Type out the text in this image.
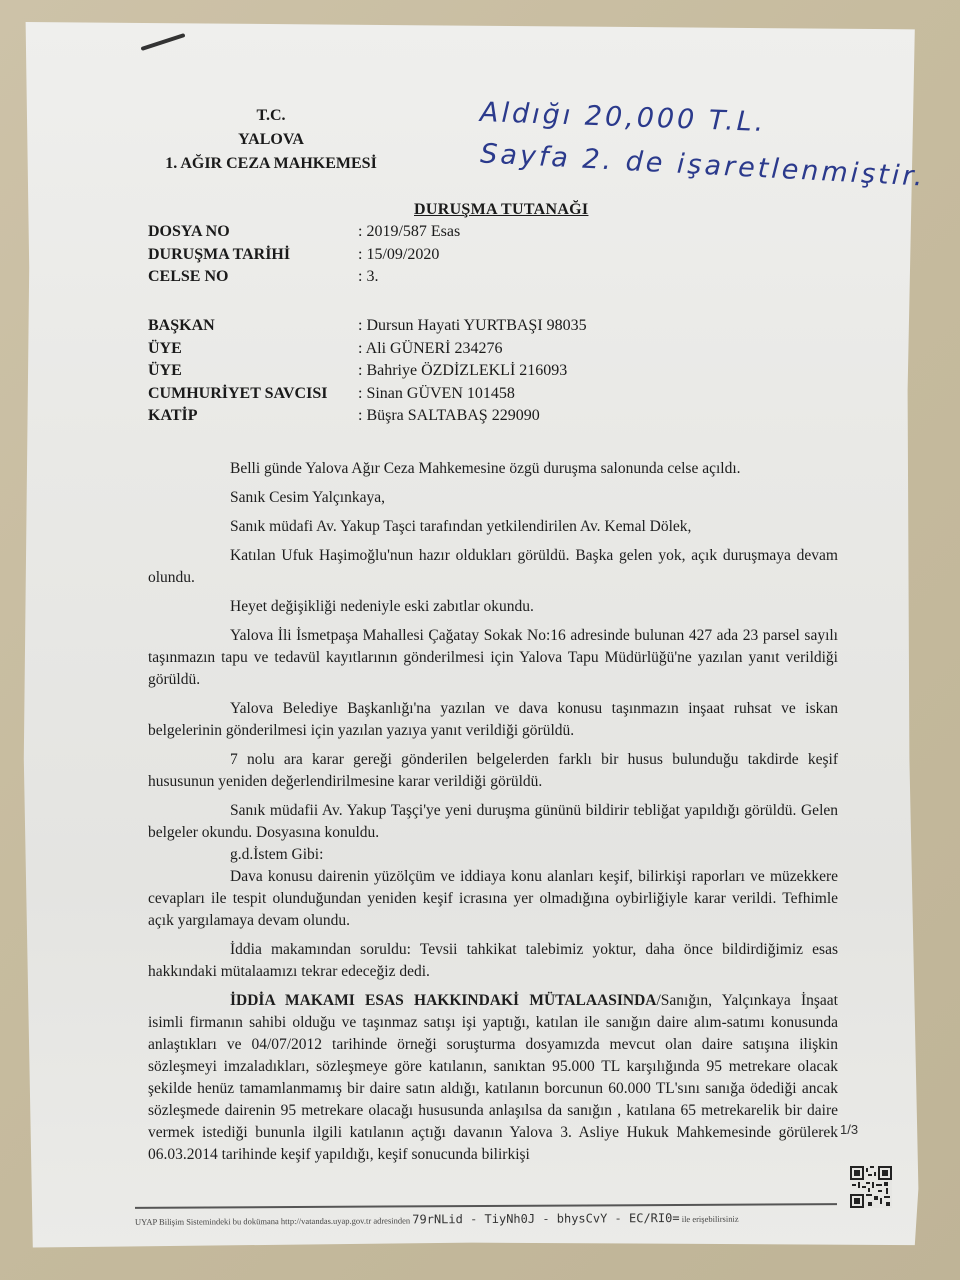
T.C.
YALOVA
1. AĞIR CEZA MAHKEMESİ
Aldığı 20,000 T.L.
Sayfa 2. de işaretlenmiştir.
DURUŞMA TUTANAĞI
DOSYA NO	: 2019/587 Esas
DURUŞMA TARİHİ	: 15/09/2020
CELSE NO	: 3.
BAŞKAN	: Dursun Hayati YURTBAŞI 98035
ÜYE	: Ali GÜNERİ 234276
ÜYE	: Bahriye ÖZDİZLEKLİ 216093
CUMHURİYET SAVCISI	: Sinan GÜVEN 101458
KATİP	: Büşra SALTABAŞ 229090

Belli günde Yalova Ağır Ceza Mahkemesine özgü duruşma salonunda celse açıldı.

Sanık Cesim Yalçınkaya,

Sanık müdafi Av. Yakup Taşci tarafından yetkilendirilen Av. Kemal Dölek,

Katılan Ufuk Haşimoğlu'nun hazır oldukları görüldü. Başka gelen yok, açık duruşmaya devam olundu.

Heyet değişikliği nedeniyle eski zabıtlar okundu.

Yalova İli İsmetpaşa Mahallesi Çağatay Sokak No:16 adresinde bulunan 427 ada 23 parsel sayılı taşınmazın tapu ve tedavül kayıtlarının gönderilmesi için Yalova Tapu Müdürlüğü'ne yazılan yanıt verildiği görüldü.

Yalova Belediye Başkanlığı'na yazılan ve dava konusu taşınmazın inşaat ruhsat ve iskan belgelerinin gönderilmesi için yazılan yazıya yanıt verildiği görüldü.

7 nolu ara karar gereği gönderilen belgelerden farklı bir husus bulunduğu takdirde keşif hususunun yeniden değerlendirilmesine karar verildiği görüldü.

Sanık müdafii Av. Yakup Taşçi'ye yeni duruşma gününü bildirir tebliğat yapıldığı görüldü. Gelen belgeler okundu. Dosyasına konuldu.

g.d.İstem Gibi:

Dava konusu dairenin yüzölçüm ve iddiaya konu alanları keşif, bilirkişi raporları ve müzekkere cevapları ile tespit olunduğundan yeniden keşif icrasına yer olmadığına oybirliğiyle karar verildi. Tefhimle açık yargılamaya devam olundu.

İddia makamından soruldu: Tevsii tahkikat talebimiz yoktur, daha önce bildirdiğimiz esas hakkındaki mütalaamızı tekrar edeceğiz dedi.

İDDİA MAKAMI ESAS HAKKINDAKİ MÜTALAASINDA/Sanığın, Yalçınkaya İnşaat isimli firmanın sahibi olduğu ve taşınmaz satışı işi yaptığı, katılan ile sanığın daire alım-satımı konusunda anlaştıkları ve 04/07/2012 tarihinde örneği soruşturma dosyamızda mevcut olan daire satışına ilişkin sözleşmeyi imzaladıkları, sözleşmeye göre katılanın, sanıktan 95.000 TL karşılığında 95 metrekare olacak şekilde henüz tamamlanmamış bir daire satın aldığı, katılanın borcunun 60.000 TL'sını sanığa ödediği ancak sözleşmede dairenin 95 metrekare olacağı hususunda anlaşılsa da sanığın , katılana 65 metrekarelik bir daire vermek istediği bununla ilgili katılanın açtığı davanın Yalova 3. Asliye Hukuk Mahkemesinde görülerek 06.03.2014 tarihinde keşif yapıldığı, keşif sonucunda bilirkişi

1/3
UYAP Bilişim Sistemindeki bu dokümana http://vatandas.uyap.gov.tr adresinden 79rNLid - TiyNh0J - bhysCvY - EC/RI0= ile erişebilirsiniz
